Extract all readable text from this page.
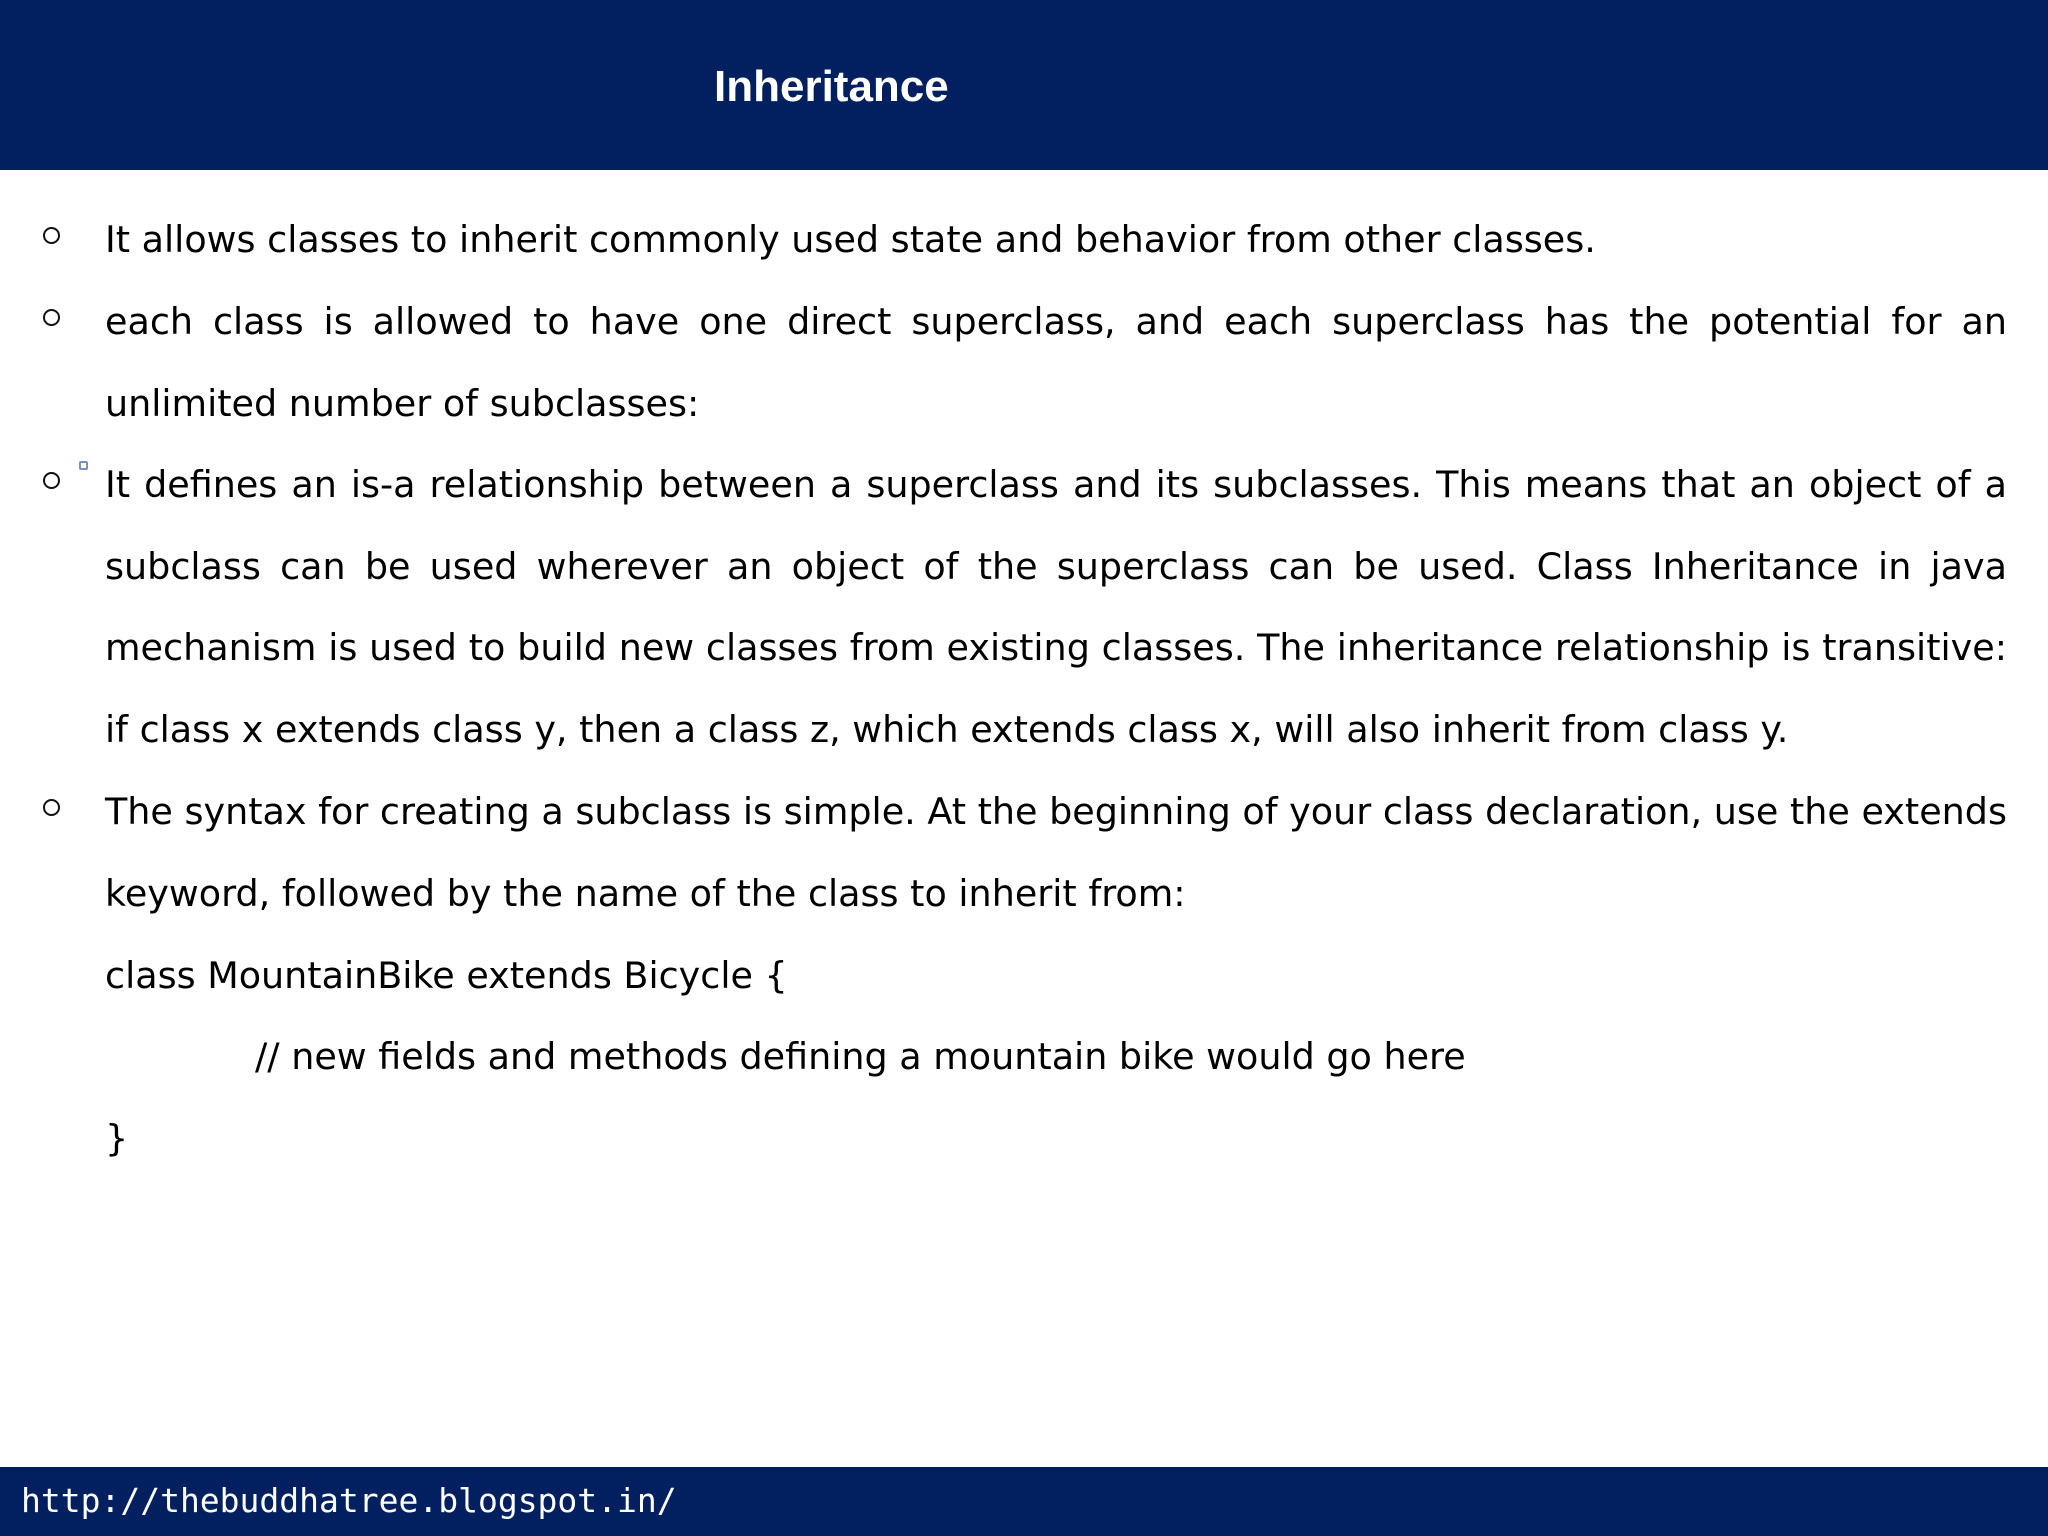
Inheritance
It allows classes to inherit commonly used state and behavior from other classes.
each class is allowed to have one direct superclass, and each superclass has the potential for an unlimited number of subclasses:
It defines an is-a relationship between a superclass and its subclasses. This means that an object of a subclass can be used wherever an object of the superclass can be used. Class Inheritance in java mechanism is used to build new classes from existing classes. The inheritance relationship is transitive: if class x extends class y, then a class z, which extends class x, will also inherit from class y.
The syntax for creating a subclass is simple. At the beginning of your class declaration, use the extends keyword, followed by the name of the class to inherit from:
class MountainBike extends Bicycle {
// new fields and methods defining a mountain bike would go here
}
http://thebuddhatree.blogspot.in/
